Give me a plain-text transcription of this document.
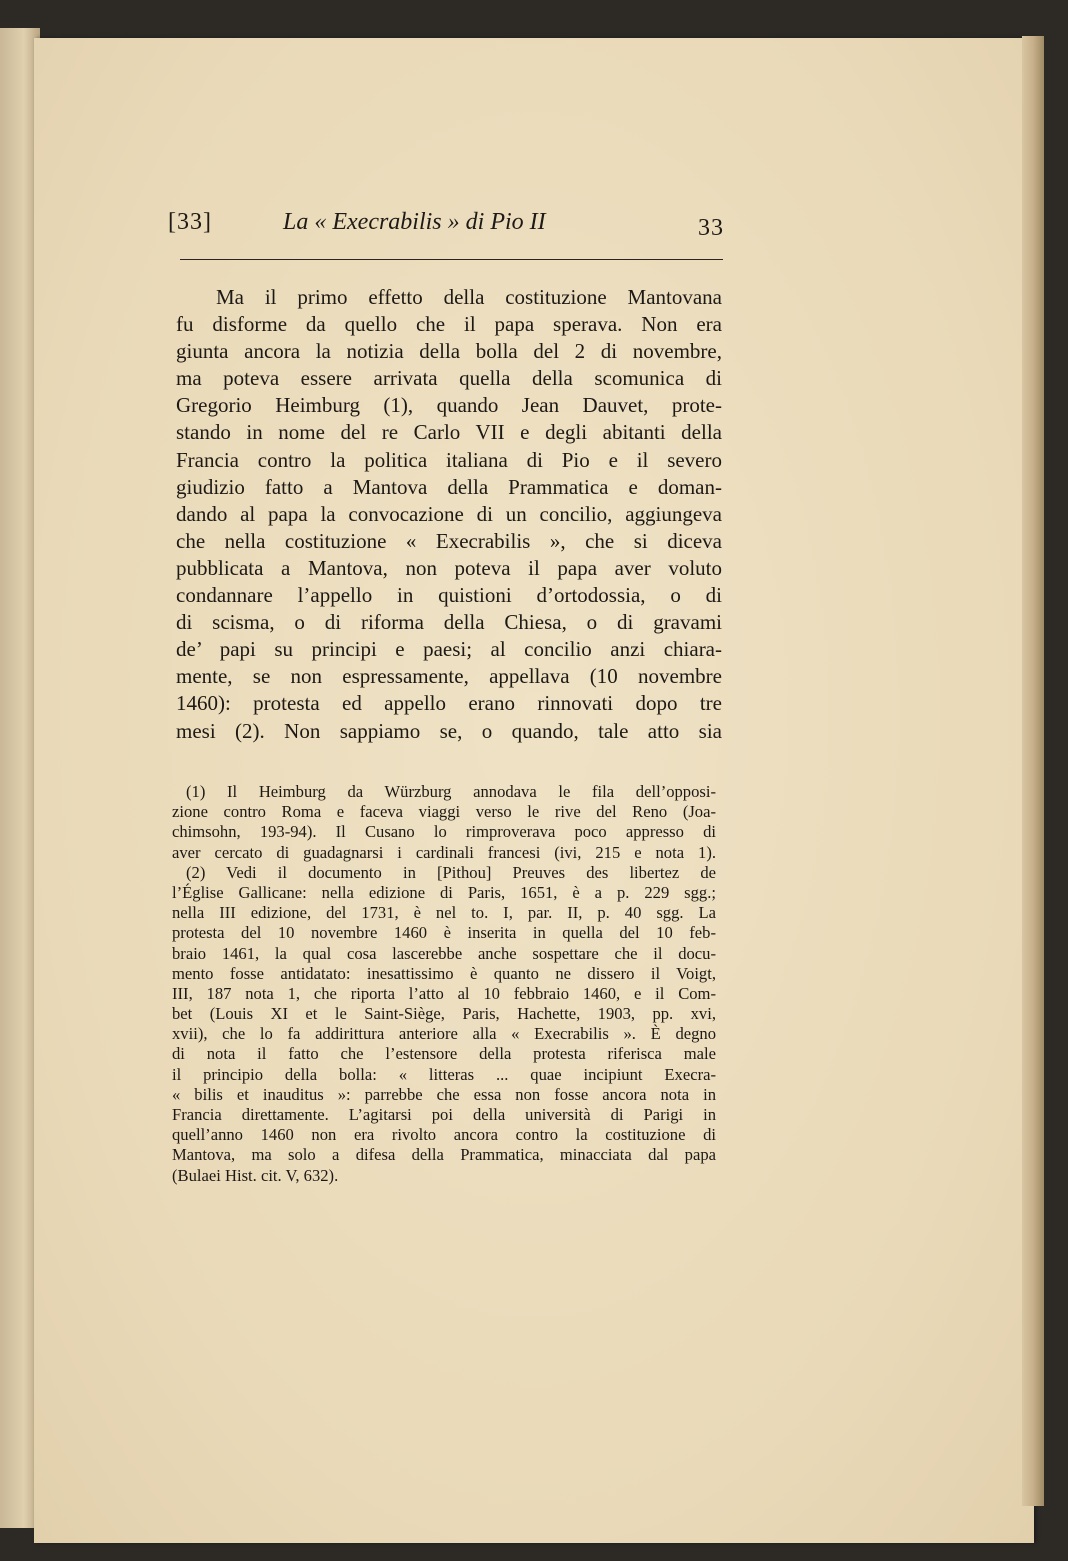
[33]	La « Execrabilis » di Pio II	33
Ma il primo effetto della costituzione Mantovana
fu disforme da quello che il papa sperava. Non era
giunta ancora la notizia della bolla del 2 di novembre,
ma poteva essere arrivata quella della scomunica di
Gregorio Heimburg (1), quando Jean Dauvet, prote-
stando in nome del re Carlo VII e degli abitanti della
Francia contro la politica italiana di Pio e il severo
giudizio fatto a Mantova della Prammatica e doman-
dando al papa la convocazione di un concilio, aggiungeva
che nella costituzione « Execrabilis », che si diceva
pubblicata a Mantova, non poteva il papa aver voluto
condannare l’appello in quistioni d’ortodossia, o di
di scisma, o di riforma della Chiesa, o di gravami
de’ papi su principi e paesi; al concilio anzi chiara-
mente, se non espressamente, appellava (10 novembre
1460): protesta ed appello erano rinnovati dopo tre
mesi (2). Non sappiamo se, o quando, tale atto sia
(1) Il Heimburg da Würzburg annodava le fila dell’opposi-
zione contro Roma e faceva viaggi verso le rive del Reno (Joa-
chimsohn, 193-94). Il Cusano lo rimproverava poco appresso di
aver cercato di guadagnarsi i cardinali francesi (ivi, 215 e nota 1).
(2) Vedi il documento in [Pithou] Preuves des libertez de
l’Église Gallicane: nella edizione di Paris, 1651, è a p. 229 sgg.;
nella III edizione, del 1731, è nel to. I, par. II, p. 40 sgg. La
protesta del 10 novembre 1460 è inserita in quella del 10 feb-
braio 1461, la qual cosa lascerebbe anche sospettare che il docu-
mento fosse antidatato: inesattissimo è quanto ne dissero il Voigt,
III, 187 nota 1, che riporta l’atto al 10 febbraio 1460, e il Com-
bet (Louis XI et le Saint-Siège, Paris, Hachette, 1903, pp. xvi,
xvii), che lo fa addirittura anteriore alla « Execrabilis ». È degno
di nota il fatto che l’estensore della protesta riferisca male
il principio della bolla: « litteras ... quae incipiunt Execra-
« bilis et inauditus »: parrebbe che essa non fosse ancora nota in
Francia direttamente. L’agitarsi poi della università di Parigi in
quell’anno 1460 non era rivolto ancora contro la costituzione di
Mantova, ma solo a difesa della Prammatica, minacciata dal papa
(Bulaei Hist. cit. V, 632).
